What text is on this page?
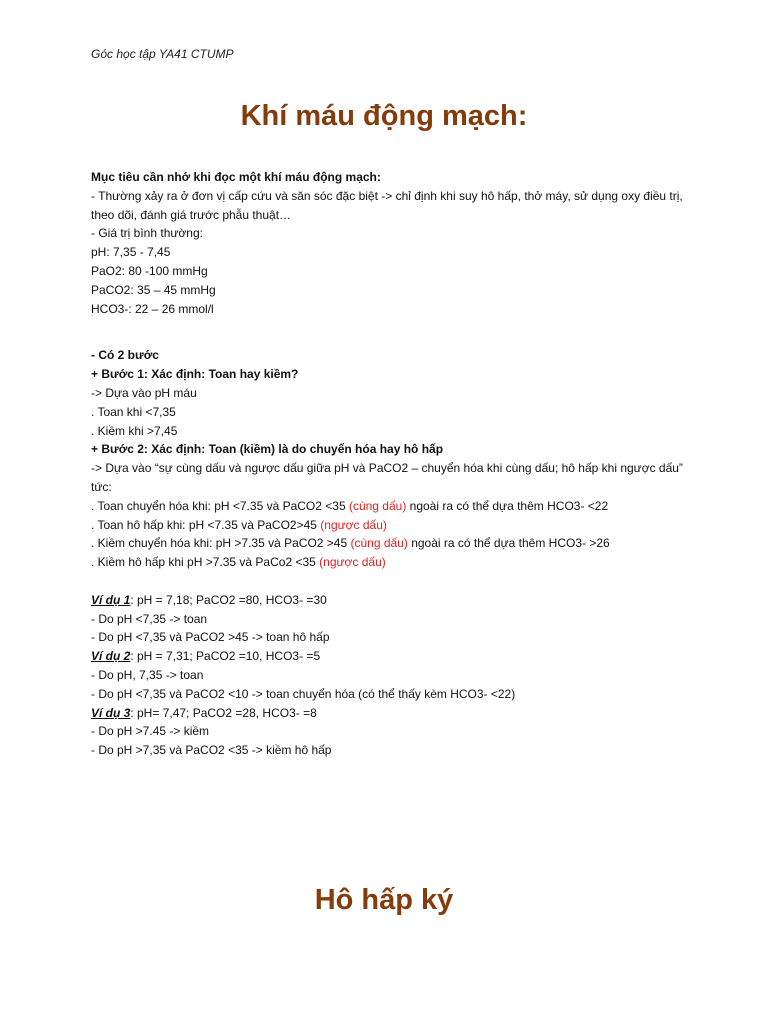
Góc học tập YA41 CTUMP
Khí máu động mạch:

Mục tiêu cần nhớ khi đọc một khí máu động mạch:

- Thường xảy ra ở đơn vị cấp cứu và săn sóc đặc biệt -> chỉ định khi suy hô hấp, thở máy, sử dụng oxy điều trị, theo dõi, đánh giá trước phẫu thuật…

- Giá trị bình thường:

pH: 7,35 - 7,45

PaO2: 80 -100 mmHg

PaCO2: 35 – 45 mmHg

HCO3-: 22 – 26 mmol/l

- Có 2 bước

+ Bước 1: Xác định: Toan hay kiềm?

-> Dựa vào pH máu

. Toan khi <7,35

. Kiềm khi >7,45

+ Bước 2: Xác định: Toan (kiềm) là do chuyển hóa hay hô hấp

-> Dựa vào “sự cùng dấu và ngược dấu giữa pH và PaCO2 – chuyển hóa khi cùng dấu; hô hấp khi ngược dấu” tức:

. Toan chuyển hóa khi: pH <7.35 và PaCO2 <35 (cùng dấu) ngoài ra có thể dựa thêm HCO3- <22

. Toan hô hấp khi: pH <7.35 và PaCO2>45 (ngược dấu)

. Kiềm chuyển hóa khi: pH >7.35 và PaCO2 >45 (cùng dấu) ngoài ra có thể dựa thêm HCO3- >26

. Kiềm hô hấp khi pH >7.35 và PaCo2 <35 (ngược dấu)

Ví dụ 1: pH = 7,18; PaCO2 =80, HCO3- =30

- Do pH <7,35 -> toan

- Do pH <7,35 và PaCO2 >45 -> toan hô hấp

Ví dụ 2: pH = 7,31; PaCO2 =10, HCO3- =5

- Do pH, 7,35 -> toan

- Do pH <7,35 và PaCO2 <10 -> toan chuyển hóa (có thể thấy kèm HCO3- <22)

Ví dụ 3: pH= 7,47; PaCO2 =28, HCO3- =8

- Do pH >7.45 -> kiềm

- Do pH >7,35 và PaCO2 <35 -> kiềm hô hấp

Hô hấp ký
